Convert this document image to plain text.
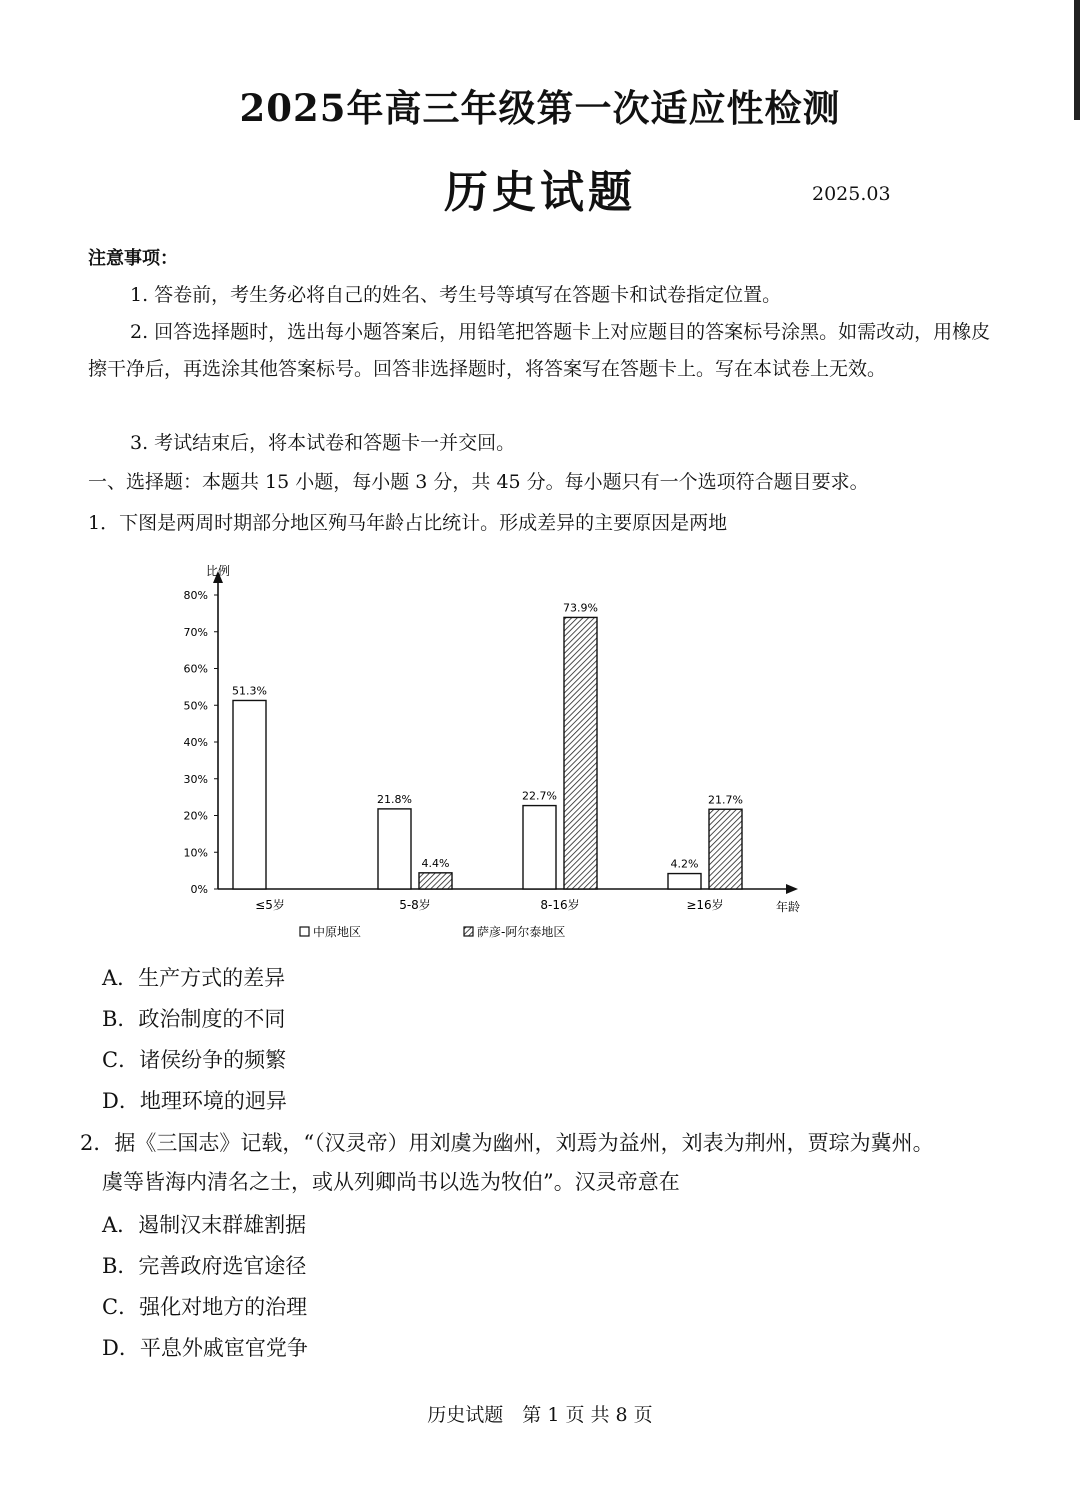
2025年高三年级第一次适应性检测
历史试题	2025.03
注意事项：
1. 答卷前，考生务必将自己的姓名、考生号等填写在答题卡和试卷指定位置。
2. 回答选择题时，选出每小题答案后，用铅笔把答题卡上对应题目的答案标号涂黑。如需改动，用橡皮擦干净后，再选涂其他答案标号。回答非选择题时，将答案写在答题卡上。写在本试卷上无效。
3. 考试结束后，将本试卷和答题卡一并交回。
一、选择题：本题共 15 小题，每小题 3 分，共 45 分。每小题只有一个选项符合题目要求。
1．下图是两周时期部分地区殉马年龄占比统计。形成差异的主要原因是两地
比例
年龄
0%
10%
20%
30%
40%
50%
60%
70%
80%
≤5岁
51.3%
5-8岁
21.8%
4.4%
8-16岁
22.7%
73.9%
≥16岁
4.2%
21.7%
中原地区	萨彦-阿尔泰地区
A．生产方式的差异
B．政治制度的不同
C．诸侯纷争的频繁
D．地理环境的迥异
2．据《三国志》记载，“（汉灵帝）用刘虞为幽州，刘焉为益州，刘表为荆州，贾琮为冀州。
虞等皆海内清名之士，或从列卿尚书以选为牧伯”。汉灵帝意在
A．遏制汉末群雄割据
B．完善政府选官途径
C．强化对地方的治理
D．平息外戚宦官党争
历史试题　第 1 页 共 8 页
